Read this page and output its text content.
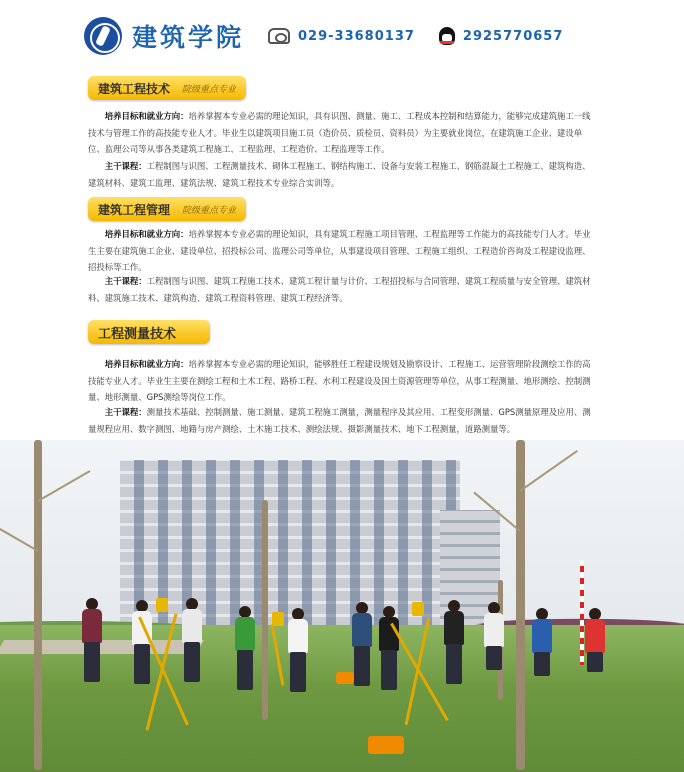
建筑学院	029-33680137	2925770657
建筑工程技术 院级重点专业
　　培养目标和就业方向：培养掌握本专业必需的理论知识，具有识图、测量、施工、工程成本控制和结算能力，能够完成建筑施工一线技术与管理工作的高技能专业人才。毕业生以建筑项目施工员（造价员、质检员、资料员）为主要就业岗位，在建筑施工企业、建设单位、监理公司等从事各类建筑工程施工、工程监理、工程造价、工程监理等工作。
　　主干课程：工程制图与识图、工程测量技术、砌体工程施工、钢结构施工、设备与安装工程施工、钢筋混凝土工程施工、建筑构造、建筑材料、建筑工监理、建筑法规、建筑工程技术专业综合实训等。
建筑工程管理 院级重点专业
　　培养目标和就业方向：培养掌握本专业必需的理论知识，具有建筑工程施工项目管理、工程监理等工作能力的高技能专门人才。毕业生主要在建筑施工企业、建设单位、招投标公司、监理公司等单位，从事建设项目管理、工程施工组织、工程造价咨询及工程建设监理、招投标等工作。
　　主干课程：工程制图与识图、建筑工程施工技术、建筑工程计量与计价、工程招投标与合同管理、建筑工程质量与安全管理、建筑材料、建筑施工技术、建筑构造、建筑工程资料管理、建筑工程经济等。
工程测量技术
　　培养目标和就业方向：培养掌握本专业必需的理论知识，能够胜任工程建设规划及勘察设计、工程施工、运营管理阶段测绘工作的高技能专业人才。毕业生主要在测绘工程和土木工程、路桥工程、水利工程建设及国土资源管理等单位，从事工程测量、地形测绘、控制测量、地形测量、GPS测绘等岗位工作。
　　主干课程：测量技术基础、控制测量、施工测量、建筑工程施工测量，测量程序及其应用、工程变形测量、GPS测量原理及应用、测量规程应用、数字测图、地籍与房产测绘、土木施工技术、测绘法规、摄影测量技术、地下工程测量，道路测量等。
